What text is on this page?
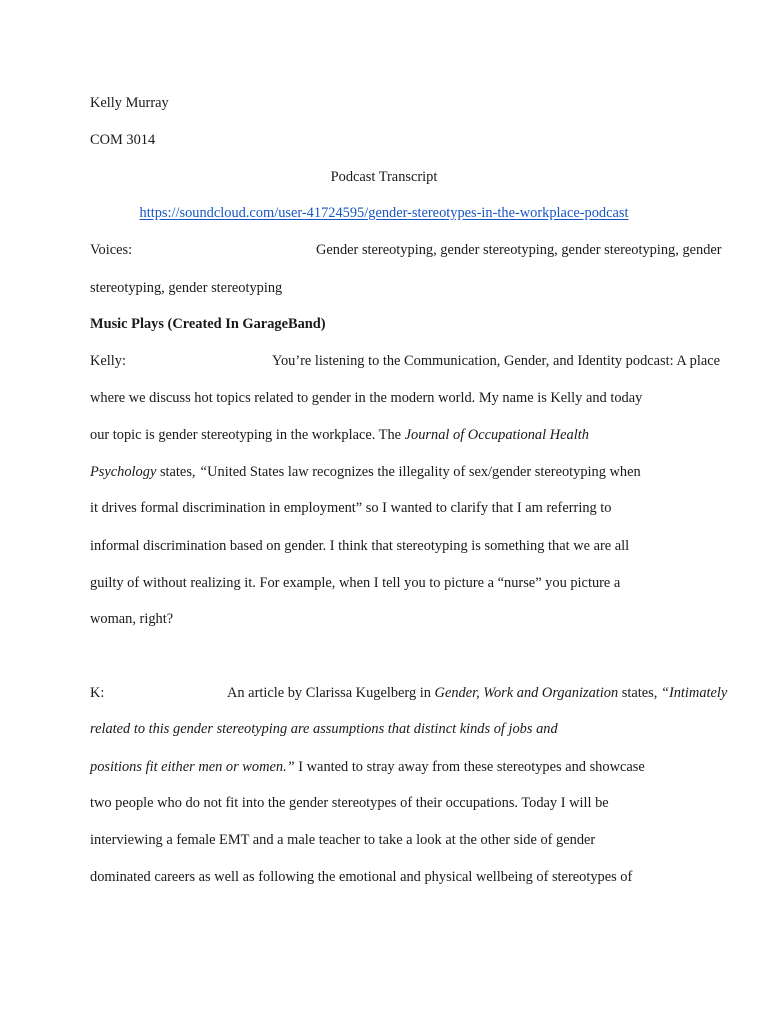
Kelly Murray
COM 3014
Podcast Transcript
https://soundcloud.com/user-41724595/gender-stereotypes-in-the-workplace-podcast
Voices:	Gender stereotyping, gender stereotyping, gender stereotyping, gender
stereotyping, gender stereotyping
Music Plays (Created In GarageBand)
Kelly:	You’re listening to the Communication, Gender, and Identity podcast: A place
where we discuss hot topics related to gender in the modern world. My name is Kelly and today
our topic is gender stereotyping in the workplace. The Journal of Occupational Health
Psychology states, “United States law recognizes the illegality of sex/gender stereotyping when
it drives formal discrimination in employment” so I wanted to clarify that I am referring to
informal discrimination based on gender. I think that stereotyping is something that we are all
guilty of without realizing it. For example, when I tell you to picture a “nurse” you picture a
woman, right?
K:	An article by Clarissa Kugelberg in Gender, Work and Organization states, “Intimately
related to this gender stereotyping are assumptions that distinct kinds of jobs and
positions fit either men or women.” I wanted to stray away from these stereotypes and showcase
two people who do not fit into the gender stereotypes of their occupations. Today I will be
interviewing a female EMT and a male teacher to take a look at the other side of gender
dominated careers as well as following the emotional and physical wellbeing of stereotypes of
